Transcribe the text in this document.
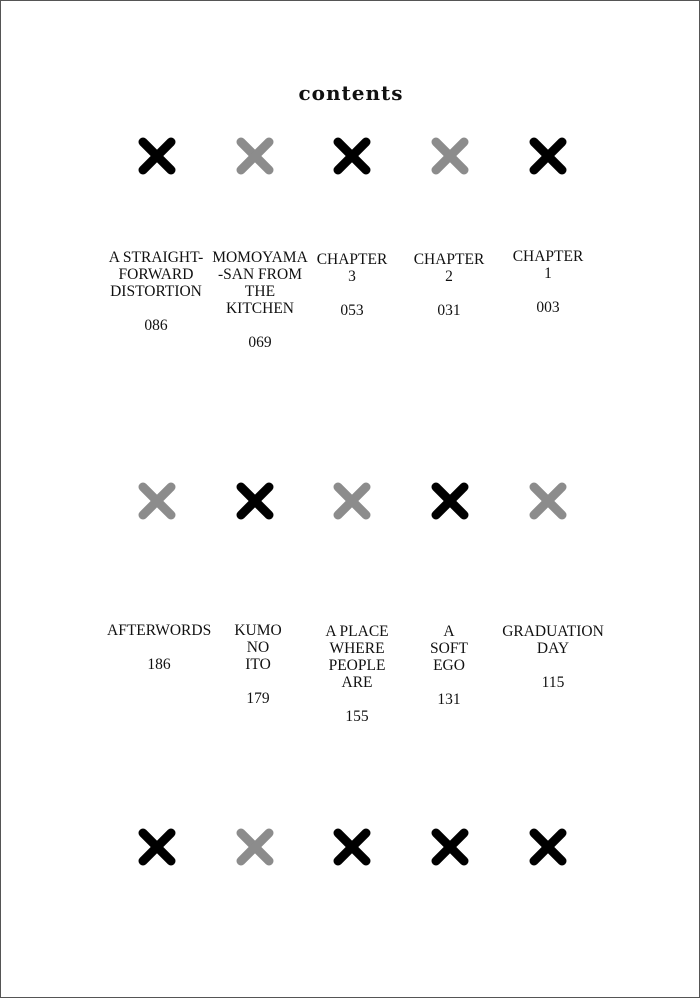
contents
A STRAIGHT-
FORWARD
DISTORTION
086
MOMOYAMA
-SAN FROM
THE
KITCHEN
069
CHAPTER
3
053
CHAPTER
2
031
CHAPTER
1
003
AFTERWORDS
186
KUMO
NO
ITO
179
A PLACE
WHERE
PEOPLE
ARE
155
A
SOFT
EGO
131
GRADUATION
DAY
115
